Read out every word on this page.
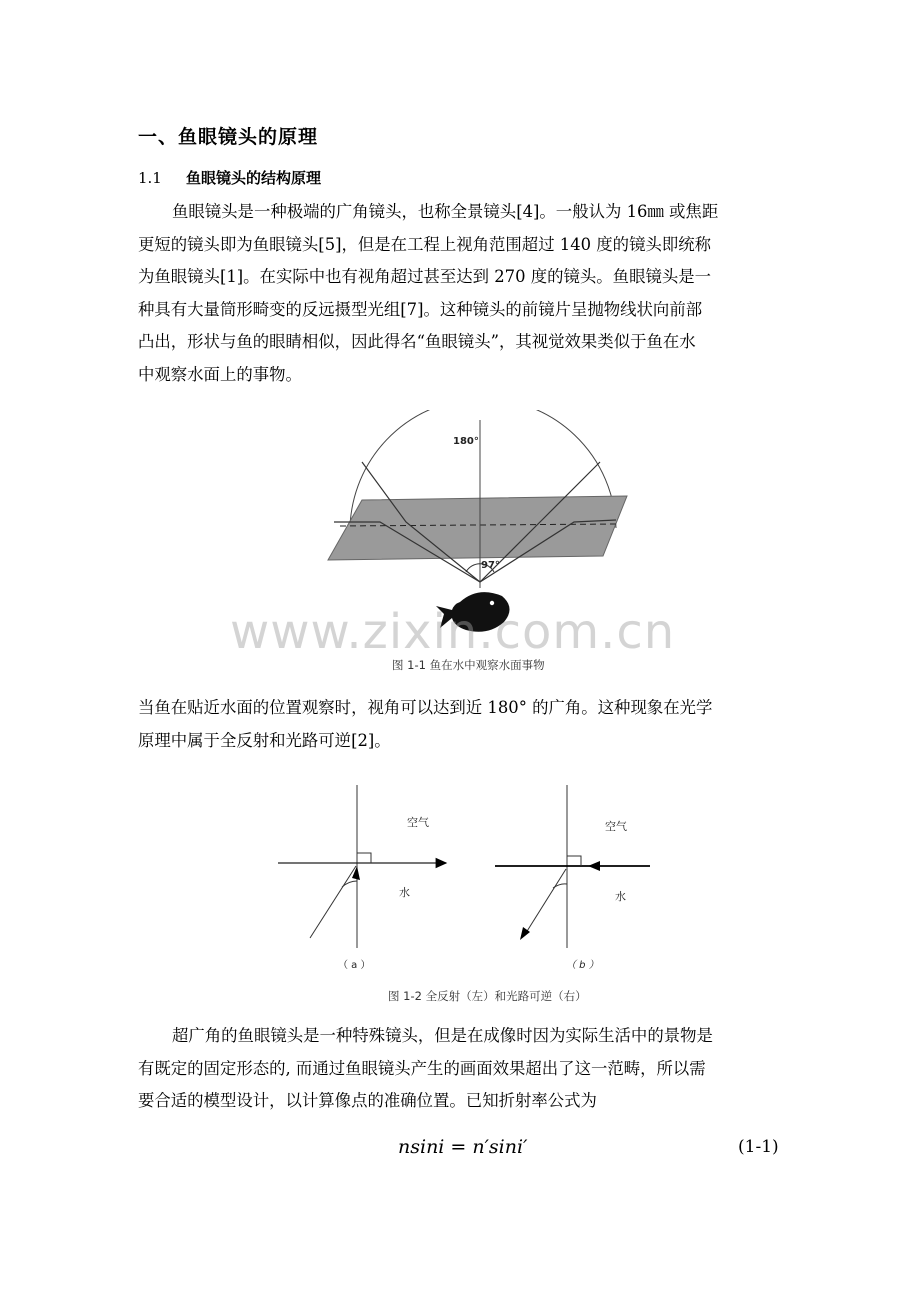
一、鱼眼镜头的原理
1.1 鱼眼镜头的结构原理
鱼眼镜头是一种极端的广角镜头，也称全景镜头[4]。一般认为 16㎜ 或焦距
更短的镜头即为鱼眼镜头[5]，但是在工程上视角范围超过 140 度的镜头即统称
为鱼眼镜头[1]。在实际中也有视角超过甚至达到 270 度的镜头。鱼眼镜头是一
种具有大量筒形畸变的反远摄型光组[7]。这种镜头的前镜片呈抛物线状向前部
凸出，形状与鱼的眼睛相似，因此得名“鱼眼镜头”，其视觉效果类似于鱼在水
中观察水面上的事物。
180°
97°
www.zixin.com.cn
图 1-1 鱼在水中观察水面事物
当鱼在贴近水面的位置观察时，视角可以达到近 180° 的广角。这种现象在光学
原理中属于全反射和光路可逆[2]。
空气
水
（ a ）
空气
水
（ b ）
图 1-2 全反射（左）和光路可逆（右）
超广角的鱼眼镜头是一种特殊镜头，但是在成像时因为实际生活中的景物是
有既定的固定形态的, 而通过鱼眼镜头产生的画面效果超出了这一范畴，所以需
要合适的模型设计，以计算像点的准确位置。已知折射率公式为
nsini = n′sini′	(1-1)
